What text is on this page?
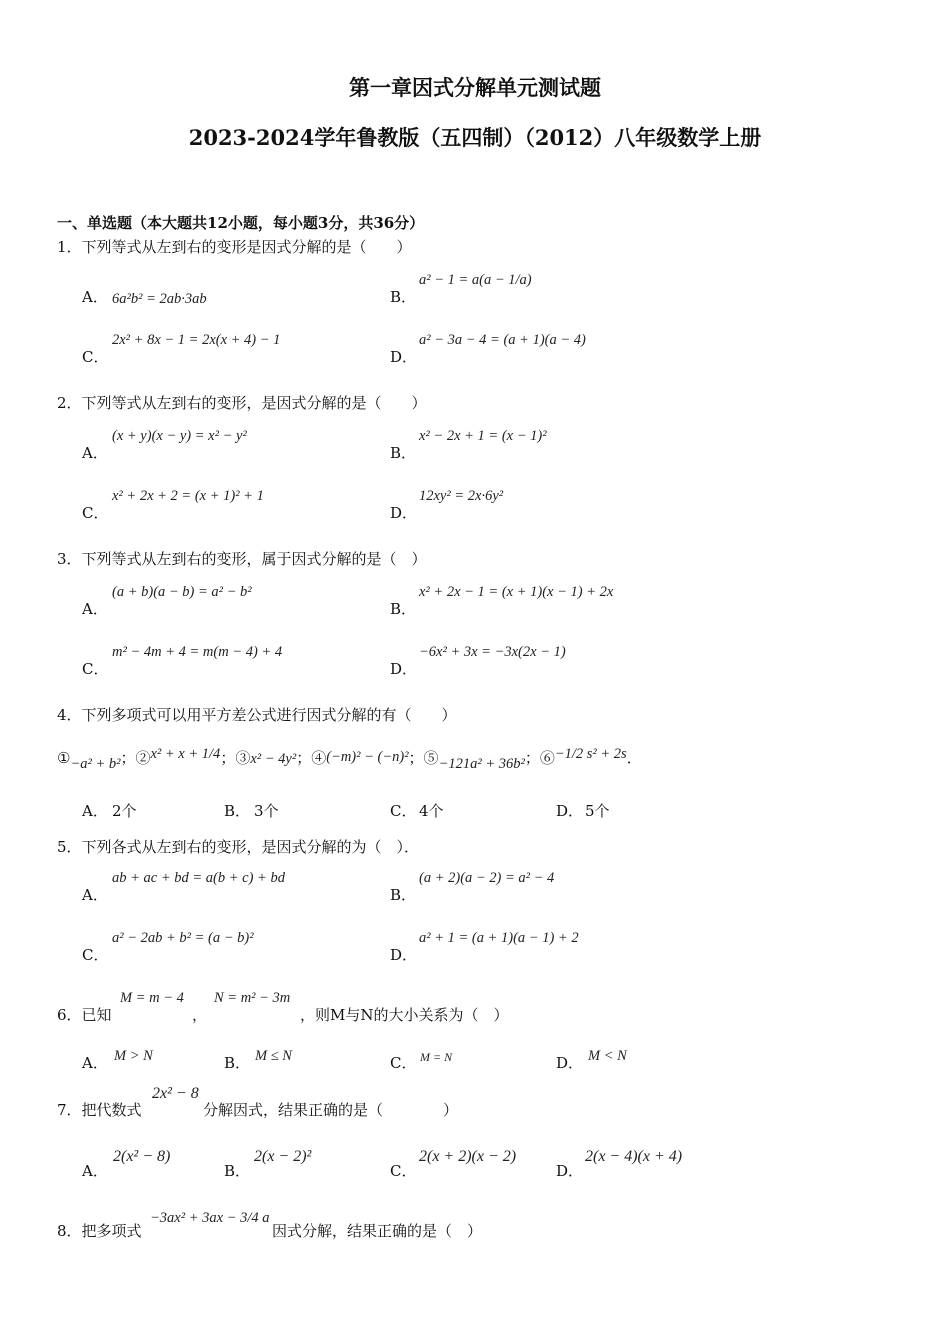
第一章因式分解单元测试题
2023-2024学年鲁教版（五四制）（2012）八年级数学上册
一、单选题（本大题共12小题，每小题3分，共36分）
1．下列等式从左到右的变形是因式分解的是（　　）
A． 6a²b² = 2ab·3ab	B．
a² − 1 = a(a − 1/a)
C．
2x² + 8x − 1 = 2x(x + 4) − 1
D．
a² − 3a − 4 = (a + 1)(a − 4)
2．下列等式从左到右的变形，是因式分解的是（　　）
A．
(x + y)(x − y) = x² − y²
B．
x² − 2x + 1 = (x − 1)²
C．
x² + 2x + 2 = (x + 1)² + 1
D．
12xy² = 2x·6y²
3．下列等式从左到右的变形，属于因式分解的是（　）
A．
(a + b)(a − b) = a² − b²
B．
x² + 2x − 1 = (x + 1)(x − 1) + 2x
C．
m² − 4m + 4 = m(m − 4) + 4
D．
−6x² + 3x = −3x(2x − 1)
4．下列多项式可以用平方差公式进行因式分解的有（　　）
① −a² + b² ；② x² + x + 1/4 ；③ x² − 4y² ；④ (−m)² − (−n)² ；⑤ −121a² + 36b² ；⑥ −1/2 s² + 2s ．
A． 2个	B． 3个	C． 4个	D． 5个
5．下列各式从左到右的变形，是因式分解的为（　）．
A．
ab + ac + bd = a(b + c) + bd
B．
(a + 2)(a − 2) = a² − 4
C．
a² − 2ab + b² = (a − b)²
D．
a² + 1 = (a + 1)(a − 1) + 2
6．已知
M = m − 4
，
N = m² − 3m
，则M与N的大小关系为（　）
A． M > N	B． M ≤ N	C． M = N	D． M < N
7．把代数式
2x² − 8
分解因式，结果正确的是（　　　　）
A．
2(x² − 8)
B．
2(x − 2)²
C．
2(x + 2)(x − 2)
D．
2(x − 4)(x + 4)
8．把多项式
−3ax² + 3ax − 3/4 a
因式分解，结果正确的是（　）
